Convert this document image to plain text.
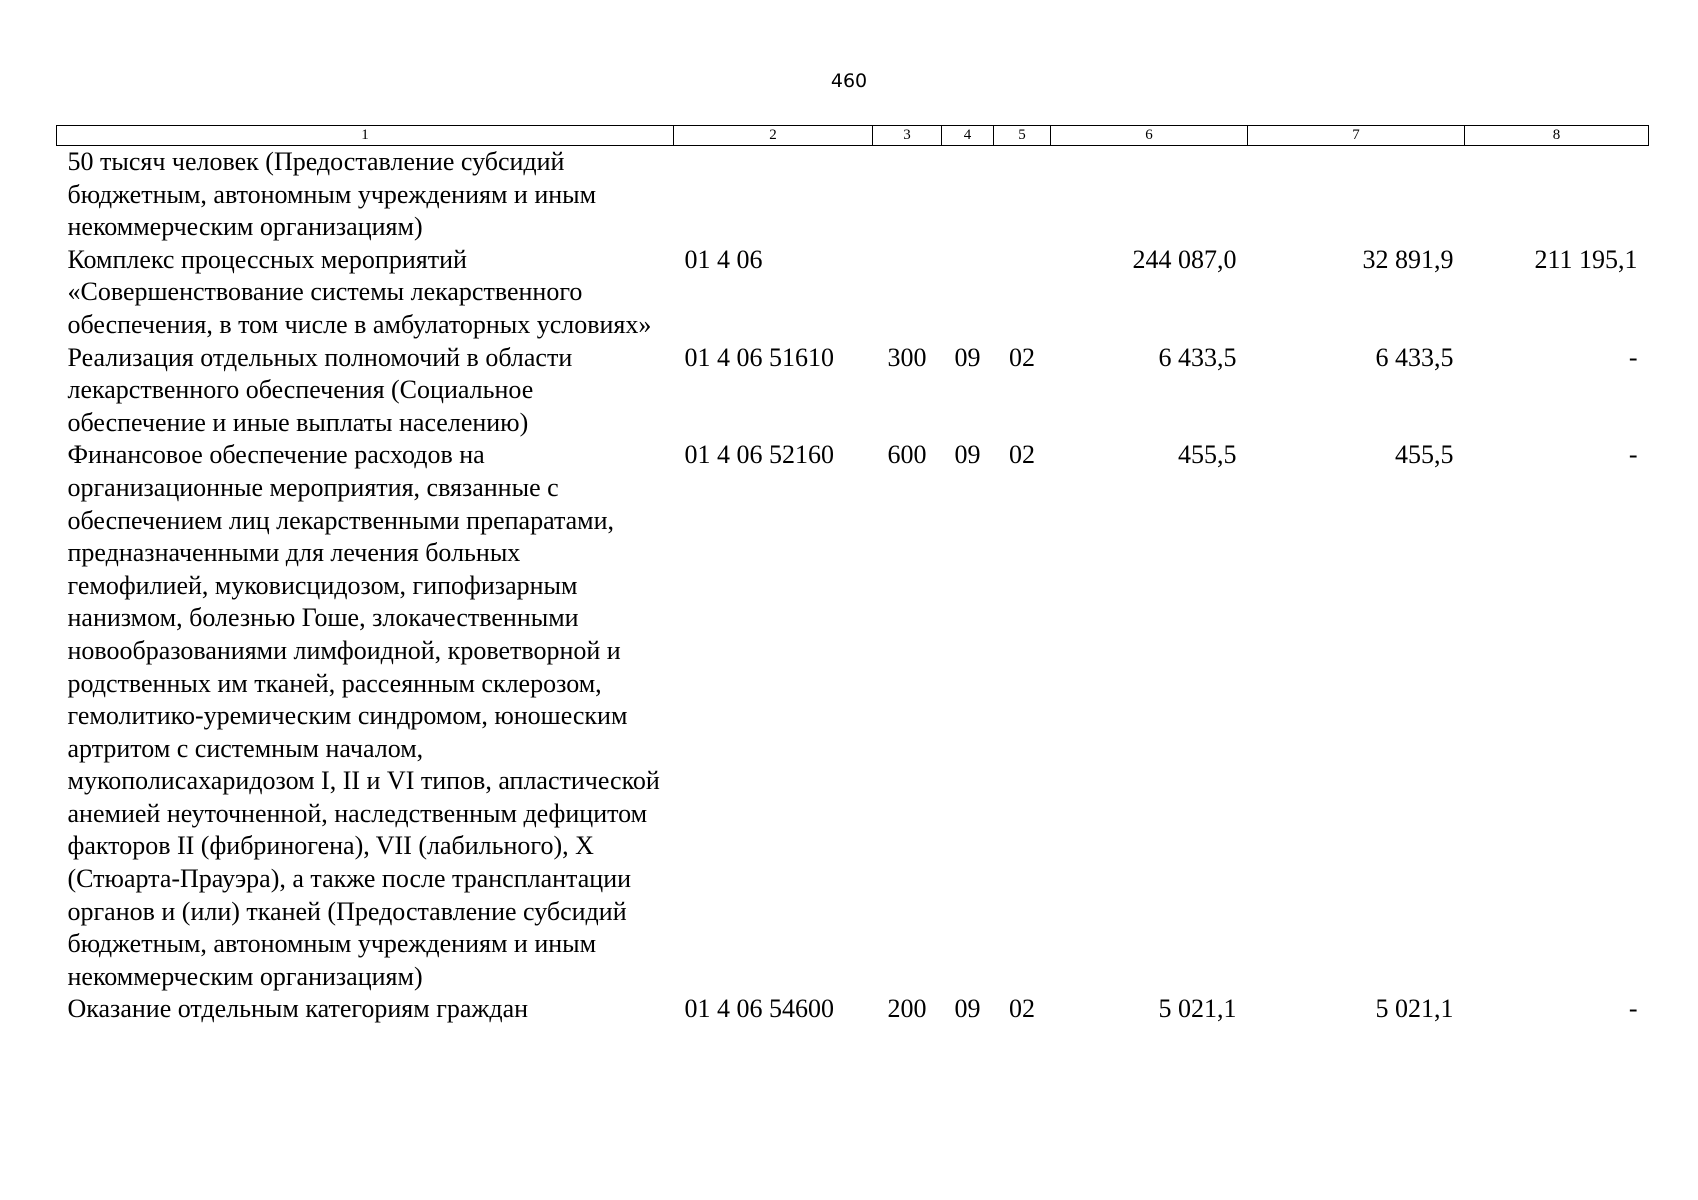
460
1	2	3	4	5	6	7	8
50 тысяч человек (Предоставление субсидий бюджетным, автономным учреждениям и иным некоммерческим организациям)							
Комплекс процессных мероприятий «Совершенствование системы лекарственного обеспечения, в том числе в амбулаторных условиях»	01 4 06				244 087,0	32 891,9	211 195,1
Реализация отдельных полномочий в области лекарственного обеспечения (Социальное обеспечение и иные выплаты населению)	01 4 06 51610	300	09	02	6 433,5	6 433,5	-
Финансовое обеспечение расходов на организационные мероприятия, связанные с обеспечением лиц лекарственными препаратами, предназначенными для лечения больных гемофилией, муковисцидозом, гипофизарным нанизмом, болезнью Гоше, злокачественными новообразованиями лимфоидной, кроветворной и родственных им тканей, рассеянным склерозом, гемолитико-уремическим синдромом, юношеским артритом с системным началом, мукополисахаридозом I, II и VI типов, апластической анемией неуточненной, наследственным дефицитом факторов II (фибриногена), VII (лабильного), X (Стюарта-Прауэра), а также после трансплантации органов и (или) тканей (Предоставление субсидий бюджетным, автономным учреждениям и иным некоммерческим организациям)	01 4 06 52160	600	09	02	455,5	455,5	-
Оказание отдельным категориям граждан	01 4 06 54600	200	09	02	5 021,1	5 021,1	-
